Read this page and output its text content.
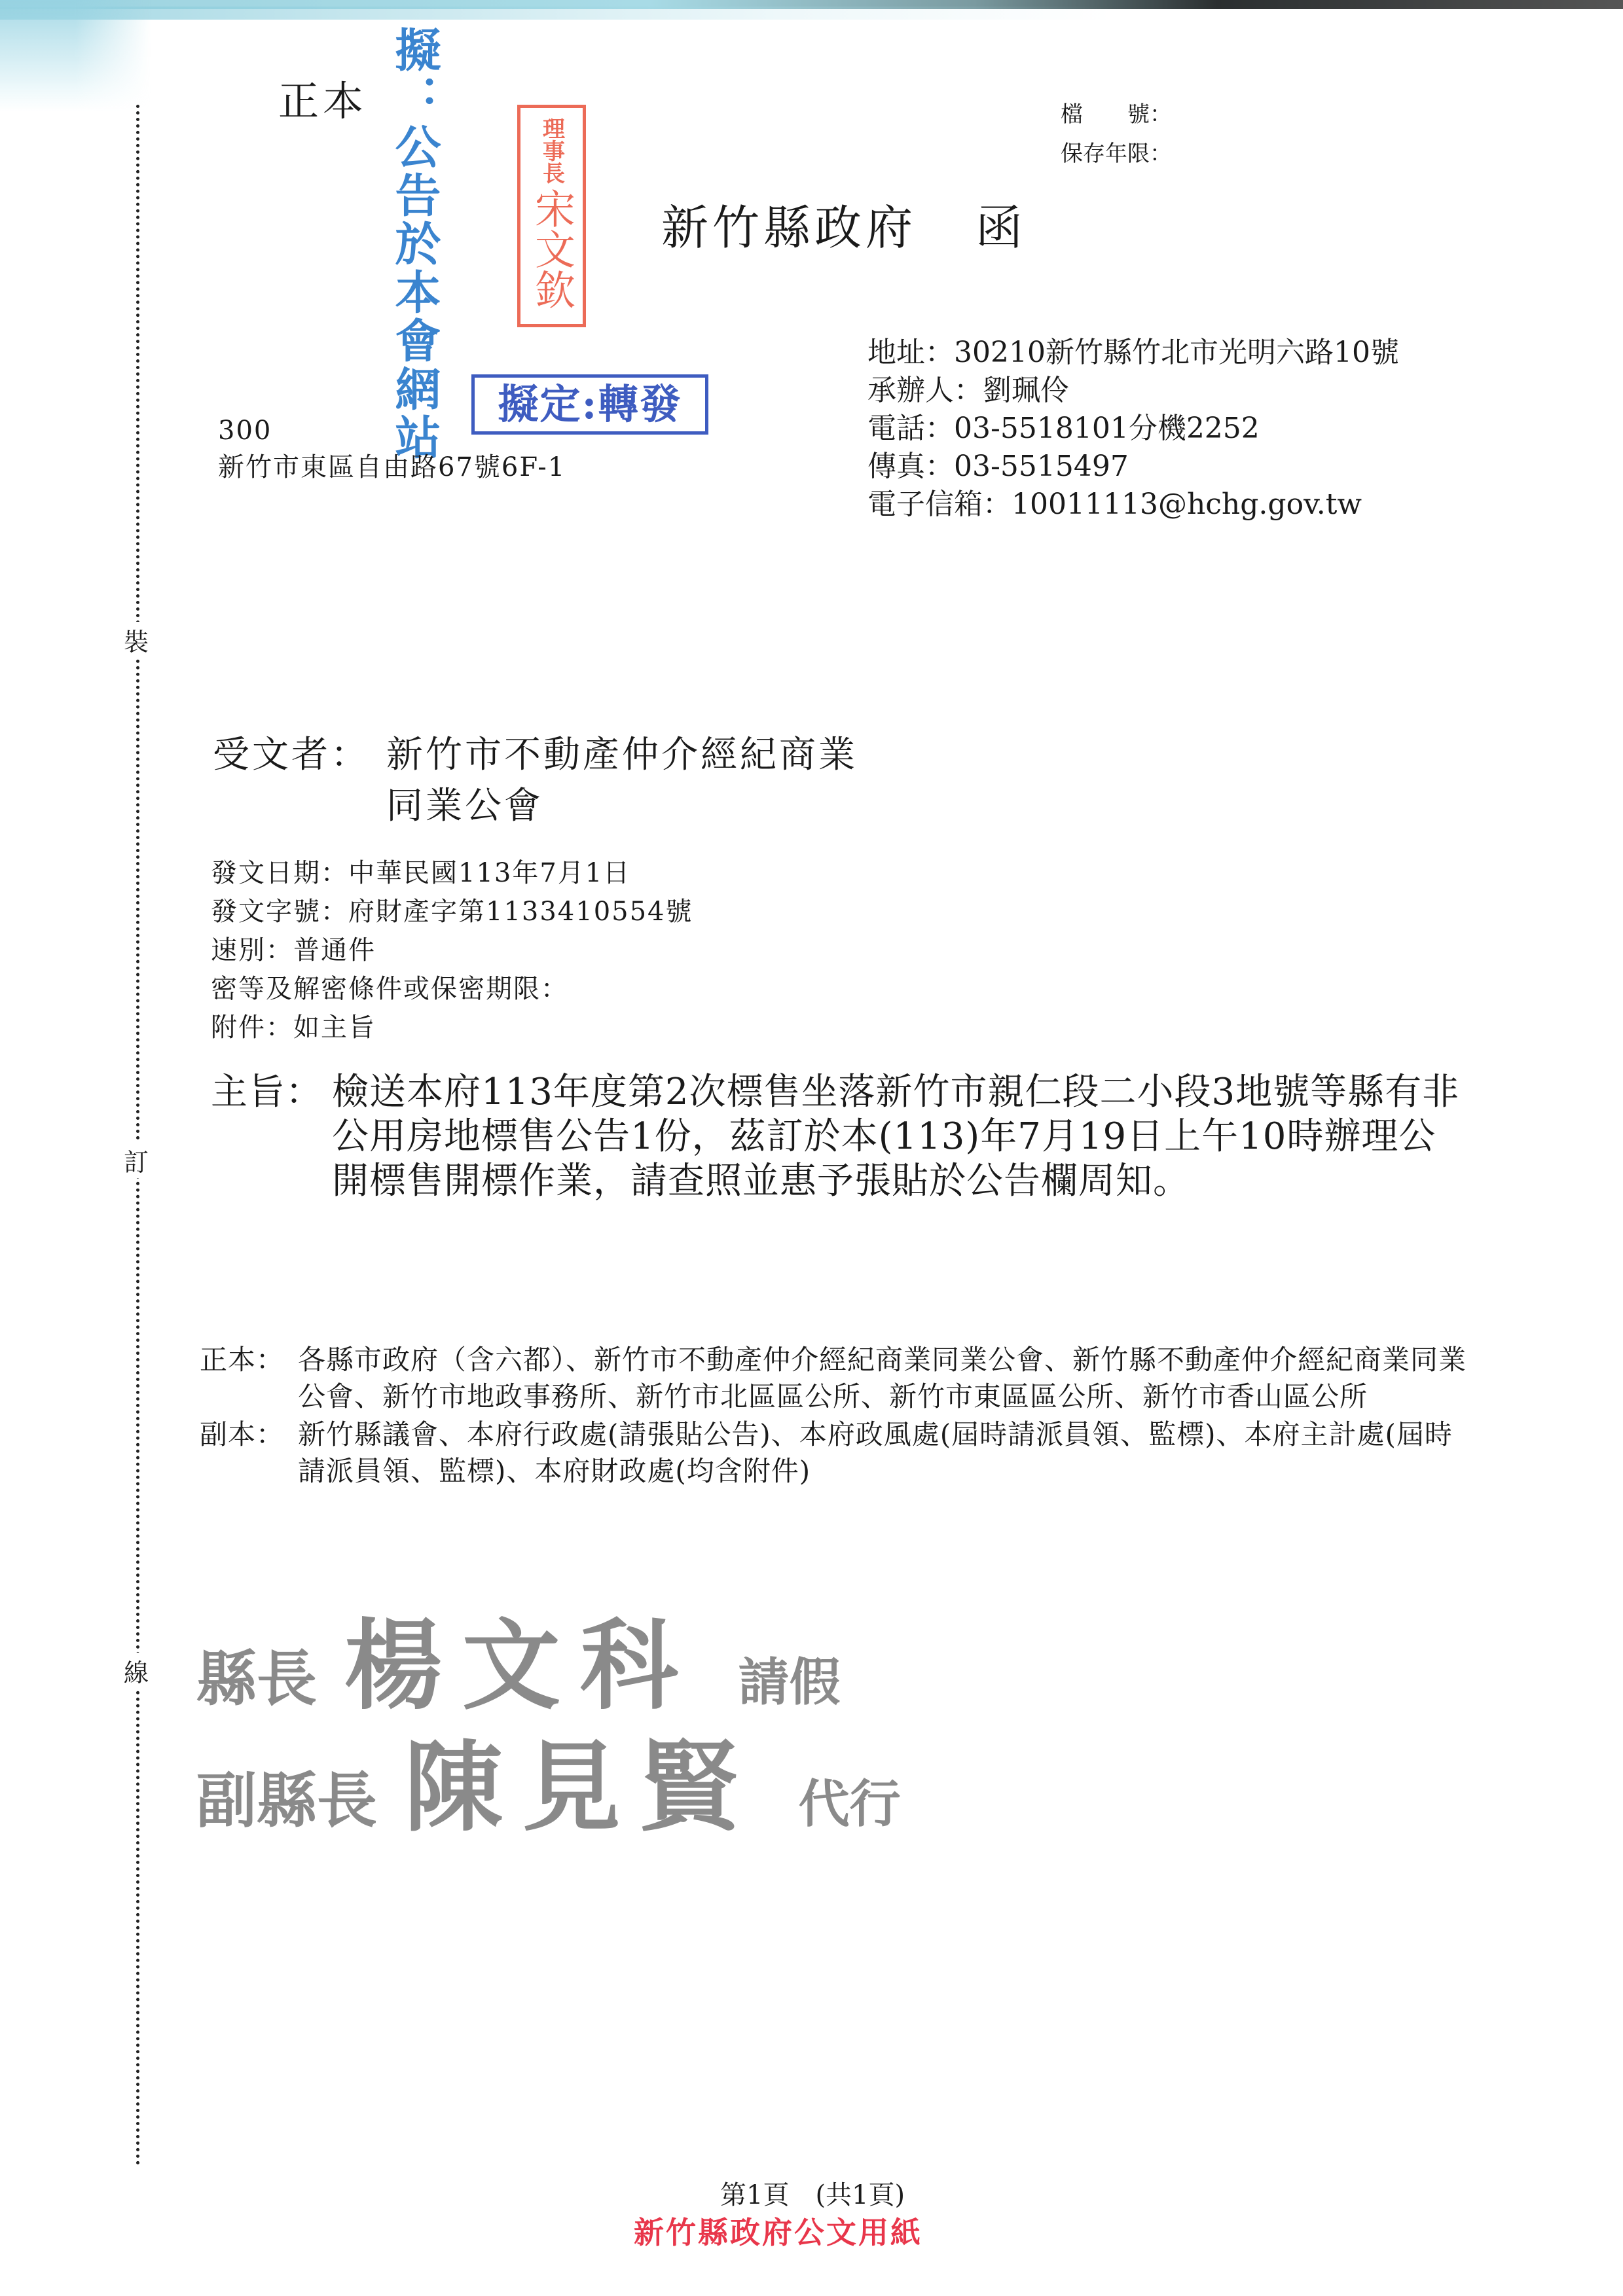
裝
訂
線
正本 擬：公告於本會網站	理事長
宋文欽
擬定:轉發
檔　　號：
保存年限：
新竹縣政府 函
地址：30210新竹縣竹北市光明六路10號
承辦人：劉珮伶
電話：03-5518101分機2252
傳真：03-5515497
電子信箱：10011113@hchg.gov.tw
300
新竹市東區自由路67號6F-1
受文者： 新竹市不動產仲介經紀商業
同業公會
發文日期：中華民國113年7月1日
發文字號：府財產字第1133410554號
速別：普通件
密等及解密條件或保密期限：
附件：如主旨
主旨： 檢送本府113年度第2次標售坐落新竹市親仁段二小段3地號等縣有非公用房地標售公告1份，茲訂於本(113)年7月19日上午10時辦理公開標售開標作業，請查照並惠予張貼於公告欄周知。
正本： 各縣市政府（含六都）、新竹市不動產仲介經紀商業同業公會、新竹縣不動產仲介經紀商業同業公會、新竹市地政事務所、新竹市北區區公所、新竹市東區區公所、新竹市香山區公所
副本： 新竹縣議會、本府行政處(請張貼公告)、本府政風處(屆時請派員領、監標)、本府主計處(屆時請派員領、監標)、本府財政處(均含附件)
縣長 楊文科 請假
副縣長 陳見賢 代行
第1頁 (共1頁)
新竹縣政府公文用紙
